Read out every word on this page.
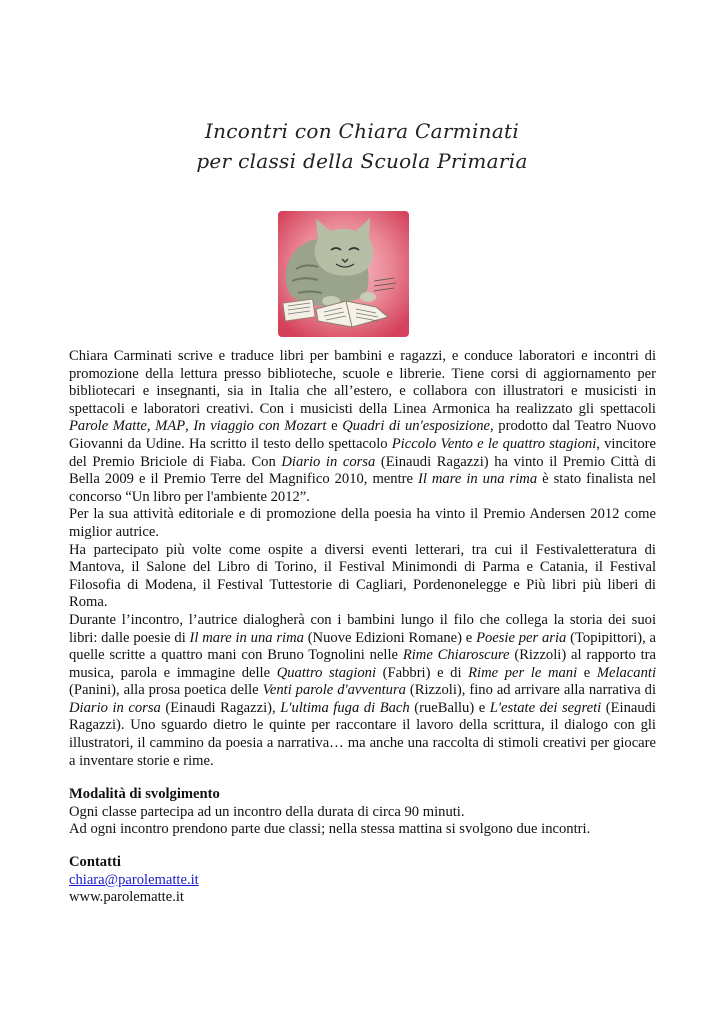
Incontri con Chiara Carminati
per classi della Scuola Primaria

Chiara Carminati scrive e traduce libri per bambini e ragazzi, e conduce laboratori e incontri di promozione della lettura presso biblioteche, scuole e librerie. Tiene corsi di aggiornamento per bibliotecari e insegnanti, sia in Italia che all’estero, e collabora con illustratori e musicisti in spettacoli e laboratori creativi. Con i musicisti della Linea Armonica ha realizzato gli spettacoli Parole Matte, MAP, In viaggio con Mozart e Quadri di un'esposizione, prodotto dal Teatro Nuovo Giovanni da Udine. Ha scritto il testo dello spettacolo Piccolo Vento e le quattro stagioni, vincitore del Premio Briciole di Fiaba. Con Diario in corsa (Einaudi Ragazzi) ha vinto il Premio Città di Bella 2009 e il Premio Terre del Magnifico 2010, mentre Il mare in una rima è stato finalista nel concorso “Un libro per l'ambiente 2012”.

Per la sua attività editoriale e di promozione della poesia ha vinto il Premio Andersen 2012 come miglior autrice.

Ha partecipato più volte come ospite a diversi eventi letterari, tra cui il Festivaletteratura di Mantova, il Salone del Libro di Torino, il Festival Minimondi di Parma e Catania, il Festival Filosofia di Modena, il Festival Tuttestorie di Cagliari, Pordenonelegge e Più libri più liberi di Roma.

Durante l’incontro, l’autrice dialogherà con i bambini lungo il filo che collega la storia dei suoi libri: dalle poesie di Il mare in una rima (Nuove Edizioni Romane) e Poesie per aria (Topipittori), a quelle scritte a quattro mani con Bruno Tognolini nelle Rime Chiaroscure (Rizzoli) al rapporto tra musica, parola e immagine delle Quattro stagioni (Fabbri) e di Rime per le mani e Melacanti (Panini), alla prosa poetica delle Venti parole d'avventura (Rizzoli), fino ad arrivare alla narrativa di Diario in corsa (Einaudi Ragazzi), L'ultima fuga di Bach (rueBallu) e L'estate dei segreti (Einaudi Ragazzi). Uno sguardo dietro le quinte per raccontare il lavoro della scrittura, il dialogo con gli illustratori, il cammino da poesia a narrativa… ma anche una raccolta di stimoli creativi per giocare a inventare storie e rime.

Modalità di svolgimento

Ogni classe partecipa ad un incontro della durata di circa 90 minuti.

Ad ogni incontro prendono parte due classi; nella stessa mattina si svolgono due incontri.

Contatti

chiara@parolematte.it

www.parolematte.it
